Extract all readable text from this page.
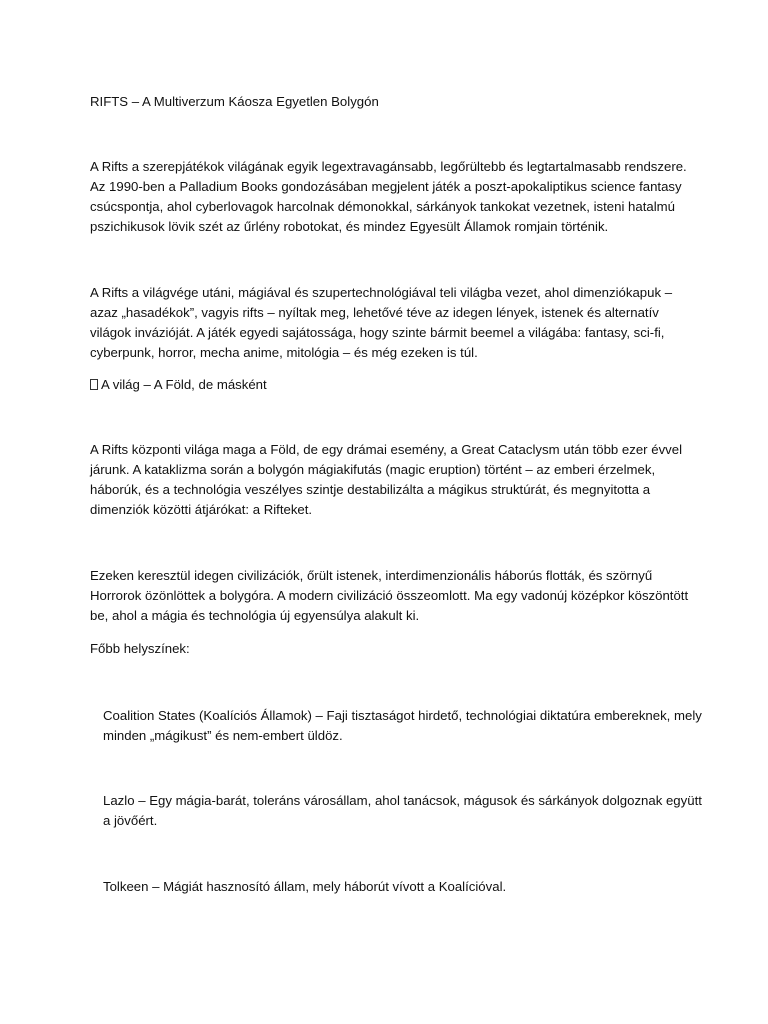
RIFTS – A Multiverzum Káosza Egyetlen Bolygón
A Rifts a szerepjátékok világának egyik legextravagánsabb, legőrültebb és legtartalmasabb rendszere. Az 1990-ben a Palladium Books gondozásában megjelent játék a poszt-apokaliptikus science fantasy csúcspontja, ahol cyberlovagok harcolnak démonokkal, sárkányok tankokat vezetnek, isteni hatalmú pszichikusok lövik szét az űrlény robotokat, és mindez Egyesült Államok romjain történik.
A Rifts a világvége utáni, mágiával és szupertechnológiával teli világba vezet, ahol dimenziókapuk – azaz „hasadékok”, vagyis rifts – nyíltak meg, lehetővé téve az idegen lények, istenek és alternatív világok invázióját. A játék egyedi sajátossága, hogy szinte bármit beemel a világába: fantasy, sci-fi, cyberpunk, horror, mecha anime, mitológia – és még ezeken is túl.
A világ – A Föld, de másként
A Rifts központi világa maga a Föld, de egy drámai esemény, a Great Cataclysm után több ezer évvel járunk. A kataklizma során a bolygón mágiakifutás (magic eruption) történt – az emberi érzelmek, háborúk, és a technológia veszélyes szintje destabilizálta a mágikus struktúrát, és megnyitotta a dimenziók közötti átjárókat: a Rifteket.
Ezeken keresztül idegen civilizációk, őrült istenek, interdimenzionális háborús flották, és szörnyű Horrorok özönlöttek a bolygóra. A modern civilizáció összeomlott. Ma egy vadonúj középkor köszöntött be, ahol a mágia és technológia új egyensúlya alakult ki.
Főbb helyszínek:
Coalition States (Koalíciós Államok) – Faji tisztaságot hirdető, technológiai diktatúra embereknek, mely minden „mágikust” és nem-embert üldöz.
Lazlo – Egy mágia-barát, toleráns városállam, ahol tanácsok, mágusok és sárkányok dolgoznak együtt a jövőért.
Tolkeen – Mágiát hasznosító állam, mely háborút vívott a Koalícióval.
